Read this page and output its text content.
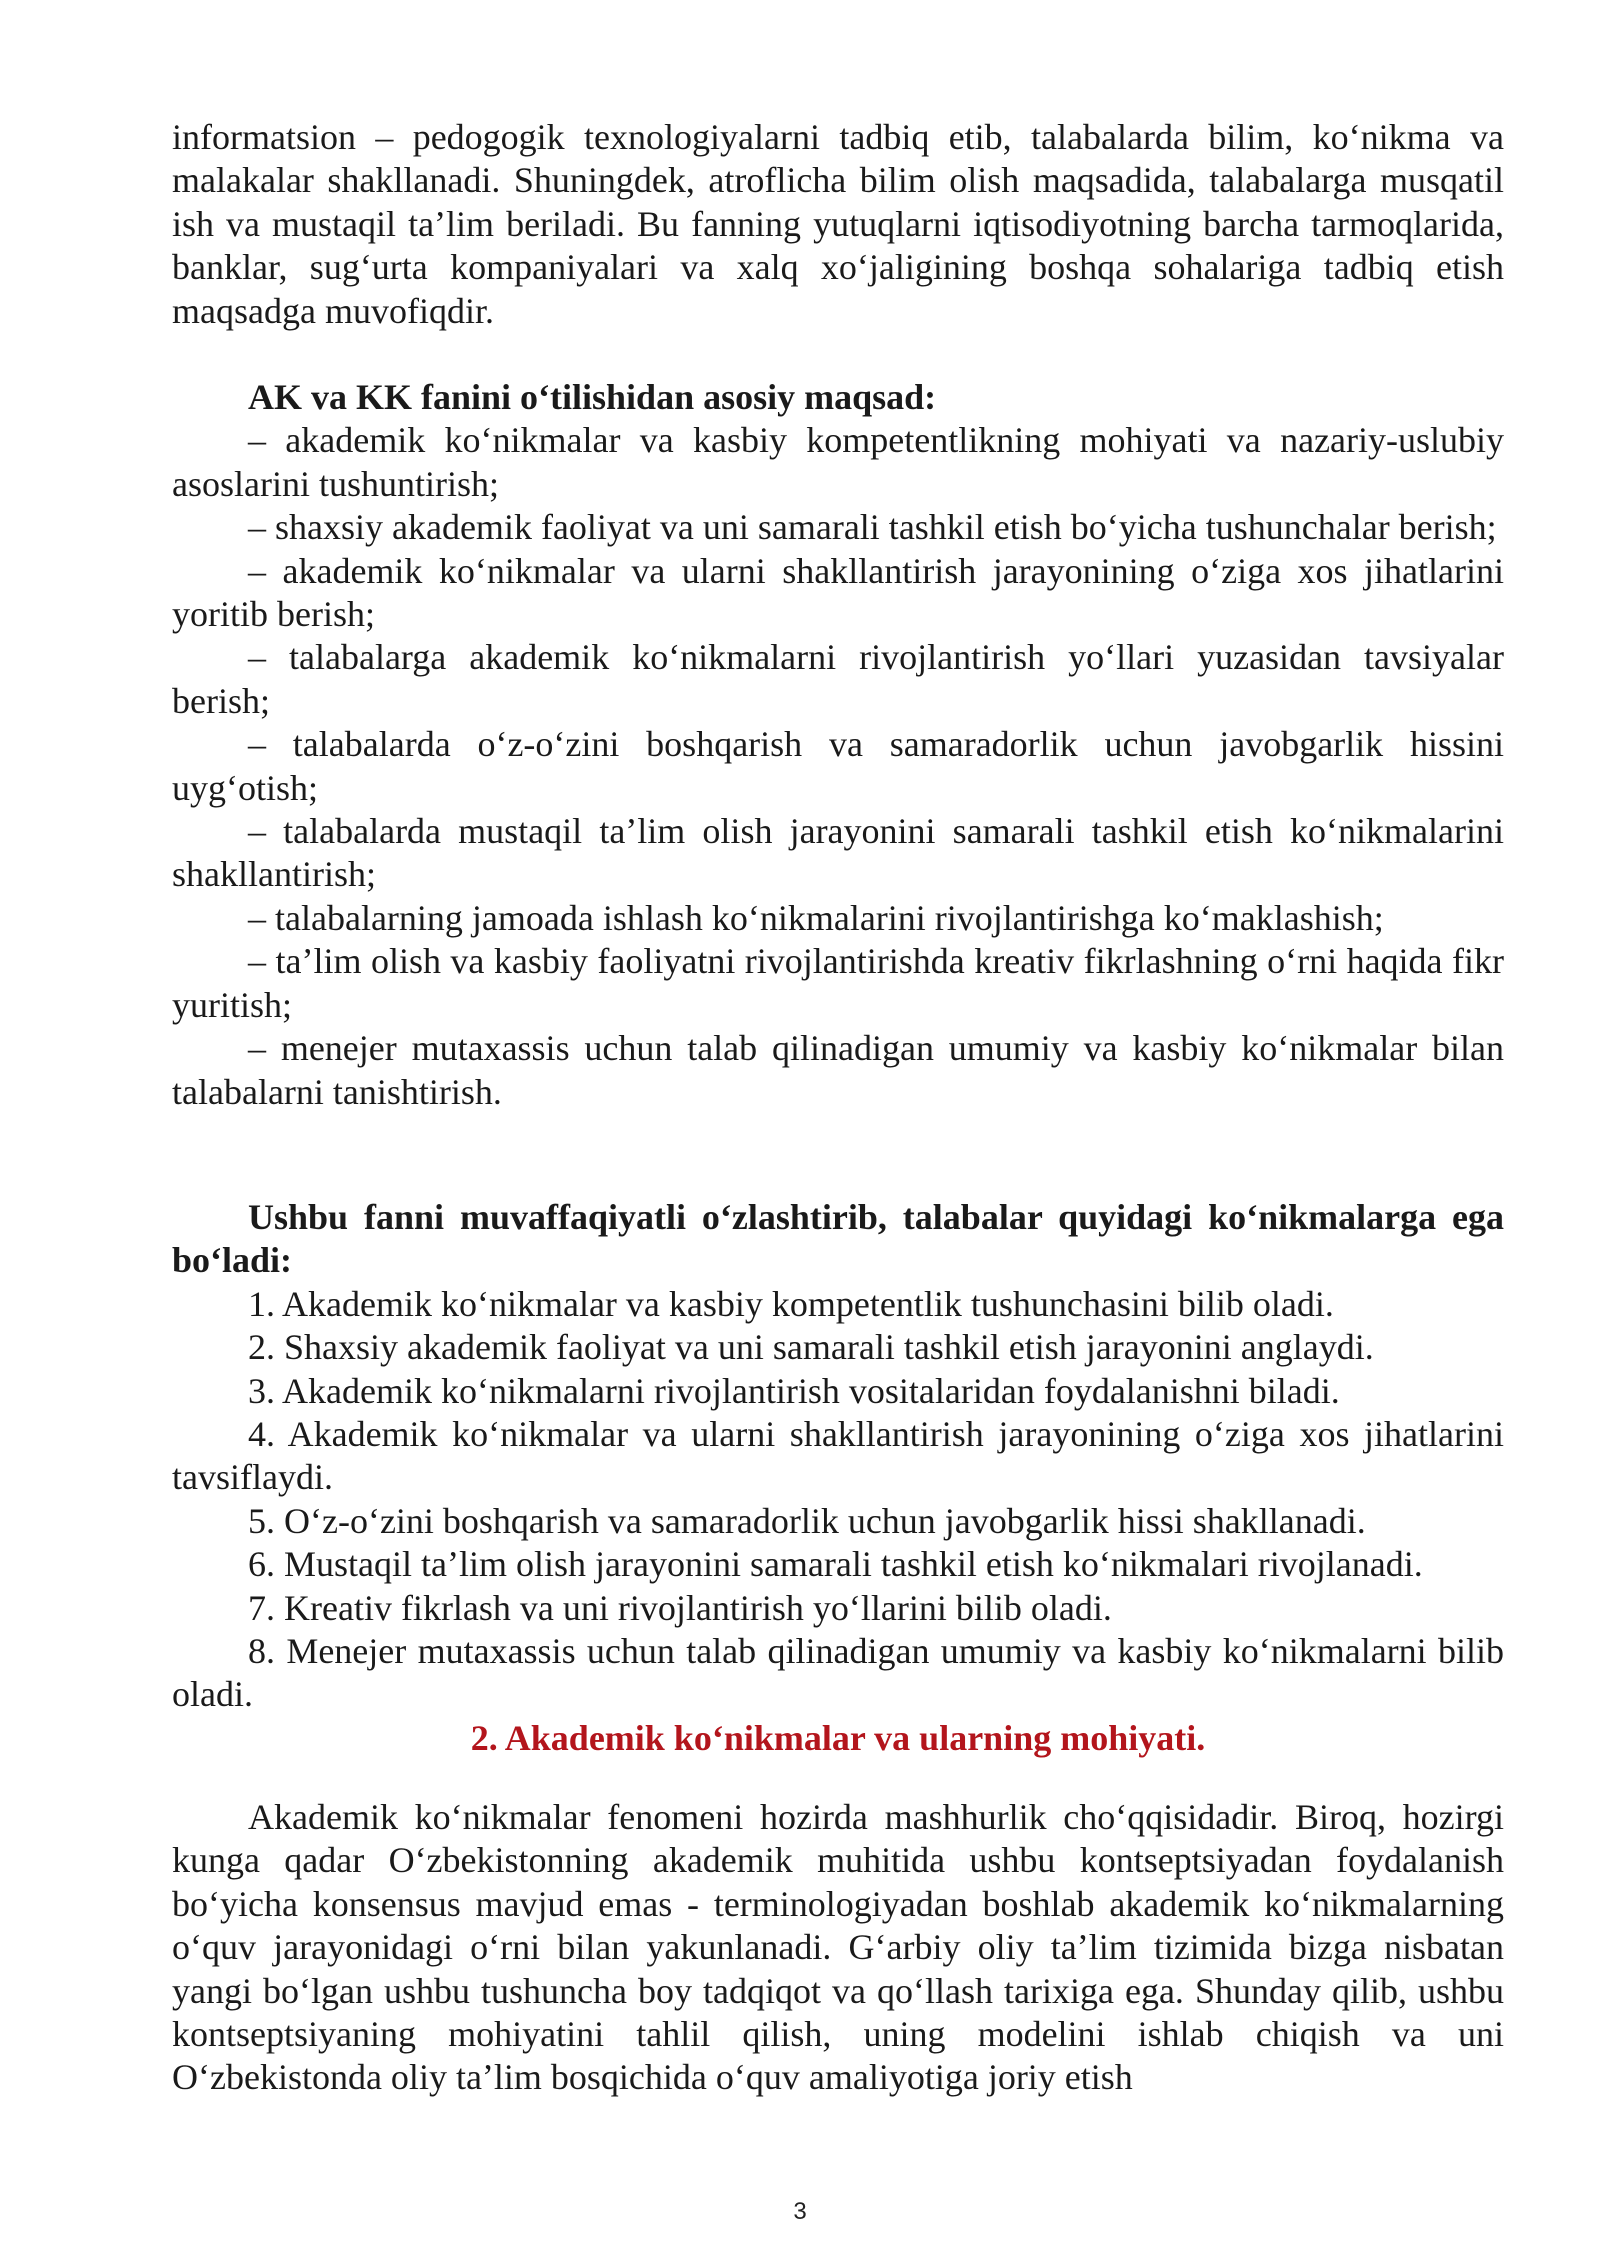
informatsion – pedogogik texnologiyalarni tadbiq etib, talabalarda bilim, koʻnikma va malakalar shakllanadi. Shuningdek, atroflicha bilim olish maqsadida, talabalarga musqatil ish va mustaqil taʼlim beriladi. Bu fanning yutuqlarni iqtisodiyotning barcha tarmoqlarida, banklar, sugʻurta kompaniyalari va xalq xoʻjaligining boshqa sohalariga tadbiq etish maqsadga muvofiqdir.

AK va KK fanini oʻtilishidan asosiy maqsad:

– akademik koʻnikmalar va kasbiy kompetentlikning mohiyati va nazariy-uslubiy asoslarini tushuntirish;

– shaxsiy akademik faoliyat va uni samarali tashkil etish boʻyicha tushunchalar berish;

– akademik koʻnikmalar va ularni shakllantirish jarayonining oʻziga xos jihatlarini yoritib berish;

– talabalarga akademik koʻnikmalarni rivojlantirish yoʻllari yuzasidan tavsiyalar berish;

– talabalarda oʻz-oʻzini boshqarish va samaradorlik uchun javobgarlik hissini uygʻotish;

– talabalarda mustaqil taʼlim olish jarayonini samarali tashkil etish koʻnikmalarini shakllantirish;

– talabalarning jamoada ishlash koʻnikmalarini rivojlantirishga koʻmaklashish;

– taʼlim olish va kasbiy faoliyatni rivojlantirishda kreativ fikrlashning oʻrni haqida fikr yuritish;

– menejer mutaxassis uchun talab qilinadigan umumiy va kasbiy koʻnikmalar bilan talabalarni tanishtirish.

Ushbu fanni muvaffaqiyatli oʻzlashtirib, talabalar quyidagi koʻnikmalarga ega boʻladi:

1. Akademik koʻnikmalar va kasbiy kompetentlik tushunchasini bilib oladi.

2. Shaxsiy akademik faoliyat va uni samarali tashkil etish jarayonini anglaydi.

3. Akademik koʻnikmalarni rivojlantirish vositalaridan foydalanishni biladi.

4. Akademik koʻnikmalar va ularni shakllantirish jarayonining oʻziga xos jihatlarini tavsiflaydi.

5. Oʻz-oʻzini boshqarish va samaradorlik uchun javobgarlik hissi shakllanadi.

6. Mustaqil taʼlim olish jarayonini samarali tashkil etish koʻnikmalari rivojlanadi.

7. Kreativ fikrlash va uni rivojlantirish yoʻllarini bilib oladi.

8. Menejer mutaxassis uchun talab qilinadigan umumiy va kasbiy koʻnikmalarni bilib oladi.

2. Akademik koʻnikmalar va ularning mohiyati.

Akademik koʻnikmalar fenomeni hozirda mashhurlik choʻqqisidadir. Biroq, hozirgi kunga qadar Oʻzbekistonning akademik muhitida ushbu kontseptsiyadan foydalanish boʻyicha konsensus mavjud emas - terminologiyadan boshlab akademik koʻnikmalarning oʻquv jarayonidagi oʻrni bilan yakunlanadi. Gʻarbiy oliy taʼlim tizimida bizga nisbatan yangi boʻlgan ushbu tushuncha boy tadqiqot va qoʻllash tarixiga ega. Shunday qilib, ushbu kontseptsiyaning mohiyatini tahlil qilish, uning modelini ishlab chiqish va uni Oʻzbekistonda oliy taʼlim bosqichida oʻquv amaliyotiga joriy etish

3
